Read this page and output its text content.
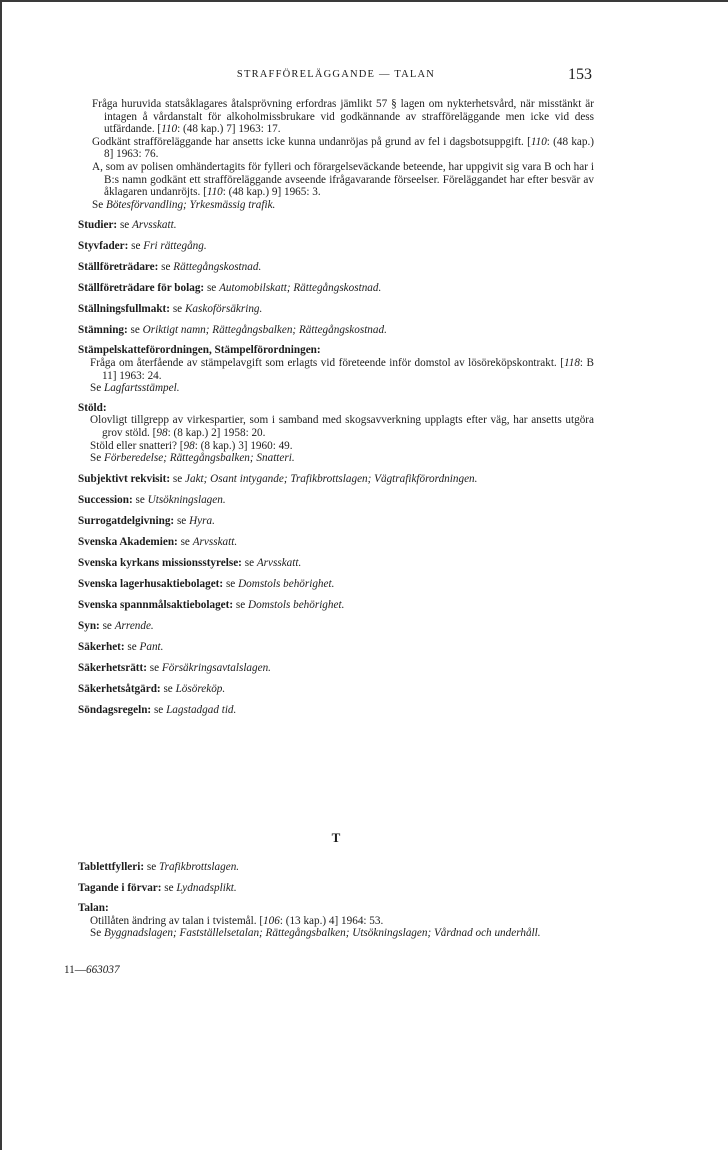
STRAFFÖRELÄGGANDE — TALAN	153

Fråga huruvida statsåklagares åtalsprövning erfordras jämlikt 57 § lagen om nykterhetsvård, när misstänkt är intagen å vårdanstalt för alkoholmissbrukare vid godkännande av strafföreläggande men icke vid dess utfärdande. [110: (48 kap.) 7] 1963: 17.

Godkänt strafföreläggande har ansetts icke kunna undanröjas på grund av fel i dagsbotsuppgift. [110: (48 kap.) 8] 1963: 76.

A, som av polisen omhändertagits för fylleri och förargelseväckande beteende, har uppgivit sig vara B och har i B:s namn godkänt ett strafföreläggande avseende ifrågavarande förseelser. Föreläggandet har efter besvär av åklagaren undanröjts. [110: (48 kap.) 9] 1965: 3.

Se Bötesförvandling; Yrkesmässig trafik.

Studier: se Arvsskatt.

Styvfader: se Fri rättegång.

Ställföreträdare: se Rättegångskostnad.

Ställföreträdare för bolag: se Automobilskatt; Rättegångskostnad.

Ställningsfullmakt: se Kaskoförsäkring.

Stämning: se Oriktigt namn; Rättegångsbalken; Rättegångskostnad.

Stämpelskatteförordningen, Stämpelförordningen:

Fråga om återfående av stämpelavgift som erlagts vid företeende inför domstol av lösöreköpskontrakt. [118: B 11] 1963: 24.

Se Lagfartsstämpel.

Stöld:

Olovligt tillgrepp av virkespartier, som i samband med skogsavverkning upplagts efter väg, har ansetts utgöra grov stöld. [98: (8 kap.) 2] 1958: 20.

Stöld eller snatteri? [98: (8 kap.) 3] 1960: 49.

Se Förberedelse; Rättegångsbalken; Snatteri.

Subjektivt rekvisit: se Jakt; Osant intygande; Trafikbrottslagen; Vägtrafikförordningen.

Succession: se Utsökningslagen.

Surrogatdelgivning: se Hyra.

Svenska Akademien: se Arvsskatt.

Svenska kyrkans missionsstyrelse: se Arvsskatt.

Svenska lagerhusaktiebolaget: se Domstols behörighet.

Svenska spannmålsaktiebolaget: se Domstols behörighet.

Syn: se Arrende.

Säkerhet: se Pant.

Säkerhetsrätt: se Försäkringsavtalslagen.

Säkerhetsåtgärd: se Lösöreköp.

Söndagsregeln: se Lagstadgad tid.

T

Tablettfylleri: se Trafikbrottslagen.

Tagande i förvar: se Lydnadsplikt.

Talan:

Otillåten ändring av talan i tvistemål. [106: (13 kap.) 4] 1964: 53.

Se Byggnadslagen; Fastställelsetalan; Rättegångsbalken; Utsökningslagen; Vårdnad och underhåll.

11—663037
